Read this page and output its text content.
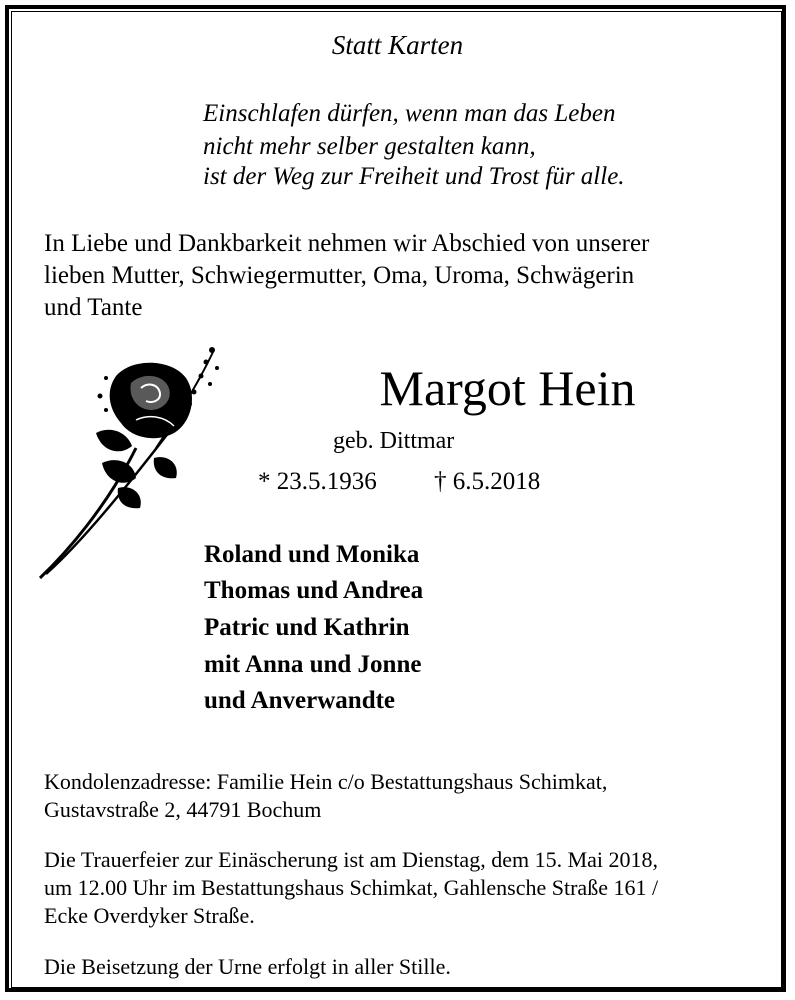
Statt Karten
Einschlafen dürfen, wenn man das Leben
nicht mehr selber gestalten kann,
ist der Weg zur Freiheit und Trost für alle.
In Liebe und Dankbarkeit nehmen wir Abschied von unserer
lieben Mutter, Schwiegermutter, Oma, Uroma, Schwägerin
und Tante
Margot Hein
geb. Dittmar
* 23.5.1936 † 6.5.2018
Roland und Monika
Thomas und Andrea
Patric und Kathrin
mit Anna und Jonne
und Anverwandte
Kondolenzadresse: Familie Hein c/o Bestattungshaus Schimkat,
Gustavstraße 2, 44791 Bochum
Die Trauerfeier zur Einäscherung ist am Dienstag, dem 15. Mai 2018,
um 12.00 Uhr im Bestattungshaus Schimkat, Gahlensche Straße 161 /
Ecke Overdyker Straße.
Die Beisetzung der Urne erfolgt in aller Stille.
